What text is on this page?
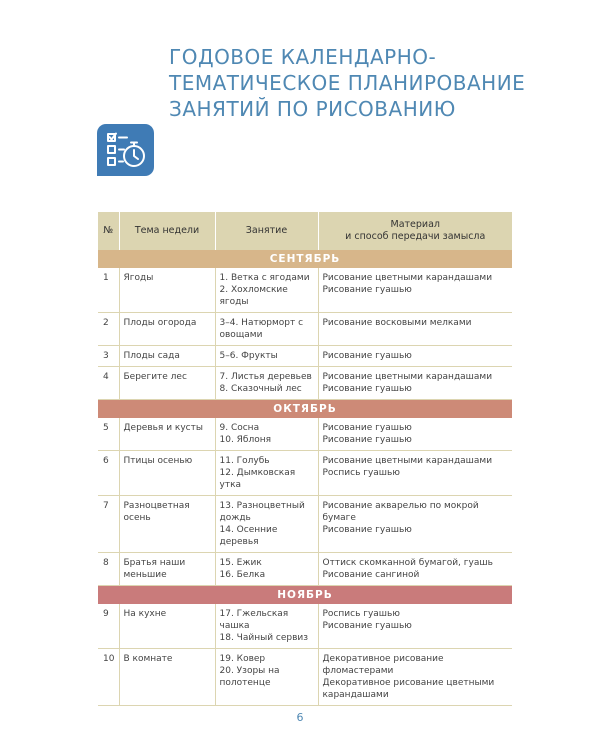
ГОДОВОЕ КАЛЕНДАРНО-
ТЕМАТИЧЕСКОЕ ПЛАНИРОВАНИЕ
ЗАНЯТИЙ ПО РИСОВАНИЮ
№	Тема недели	Занятие	Материал
и способ передачи замысла
СЕНТЯБРЬ			
1	Ягоды	1. Ветка с ягодами
2. Хохломские ягоды	Рисование цветными карандашами
Рисование гуашью

2	Плоды огорода	3–4. Натюрморт с овощами	Рисование восковыми мелками

3	Плоды сада	5–6. Фрукты	Рисование гуашью

4	Берегите лес	7. Листья деревьев
8. Сказочный лес	Рисование цветными карандашами
Рисование гуашью

ОКТЯБРЬ			
5	Деревья и кусты	9. Сосна
10. Яблоня	Рисование гуашью
Рисование гуашью

6	Птицы осенью	11. Голубь
12. Дымковская утка	Рисование цветными карандашами
Роспись гуашью

7	Разноцветная осень	13. Разноцветный дождь
14. Осенние деревья	Рисование акварелью по мокрой бумаге
Рисование гуашью

8	Братья наши меньшие	15. Ежик
16. Белка	Оттиск скомканной бумагой, гуашь
Рисование сангиной

НОЯБРЬ			
9	На кухне	17. Гжельская чашка
18. Чайный сервиз	Роспись гуашью
Рисование гуашью

10	В комнате	19. Ковер
20. Узоры на полотенце	Декоративное рисование фломастерами
Декоративное рисование цветными карандашами
6
